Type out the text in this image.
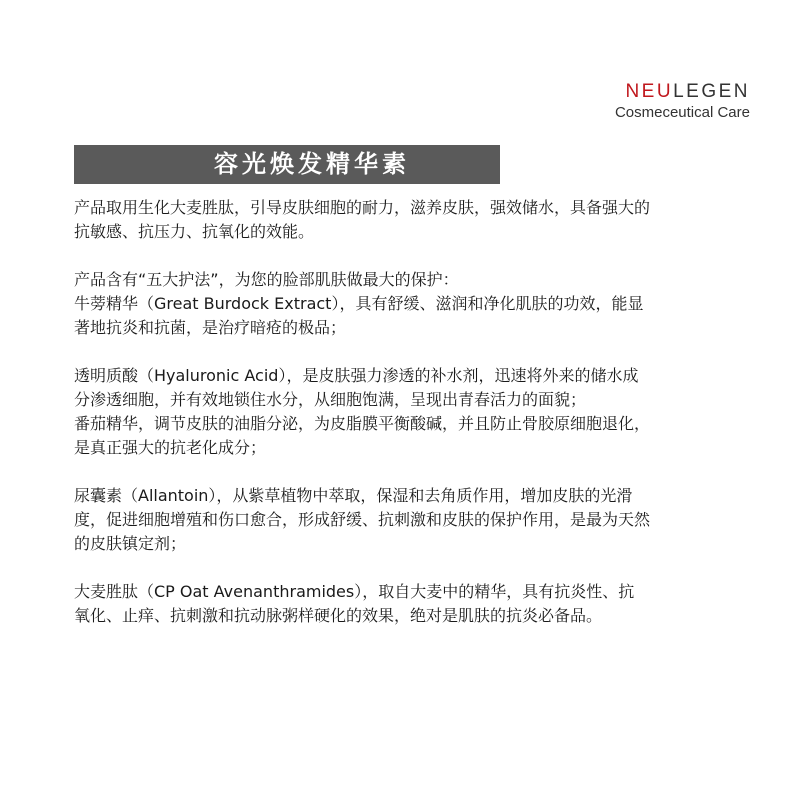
NEULEGEN
Cosmeceutical Care
容光焕发精华素
产品取用生化大麦胜肽，引导皮肤细胞的耐力，滋养皮肤，强效储水，具备强大的
抗敏感、抗压力、抗氧化的效能。
产品含有“五大护法”，为您的脸部肌肤做最大的保护：
牛蒡精华（Great Burdock Extract），具有舒缓、滋润和净化肌肤的功效，能显
著地抗炎和抗菌，是治疗暗疮的极品；
透明质酸（Hyaluronic Acid），是皮肤强力渗透的补水剂，迅速将外来的储水成
分渗透细胞，并有效地锁住水分，从细胞饱满，呈现出青春活力的面貌；
番茄精华，调节皮肤的油脂分泌，为皮脂膜平衡酸碱，并且防止骨胶原细胞退化，
是真正强大的抗老化成分；
尿囊素（Allantoin），从紫草植物中萃取，保湿和去角质作用，增加皮肤的光滑
度，促进细胞增殖和伤口愈合，形成舒缓、抗刺激和皮肤的保护作用，是最为天然
的皮肤镇定剂；
大麦胜肽（CP Oat Avenanthramides），取自大麦中的精华，具有抗炎性、抗
氧化、止痒、抗刺激和抗动脉粥样硬化的效果，绝对是肌肤的抗炎必备品。
